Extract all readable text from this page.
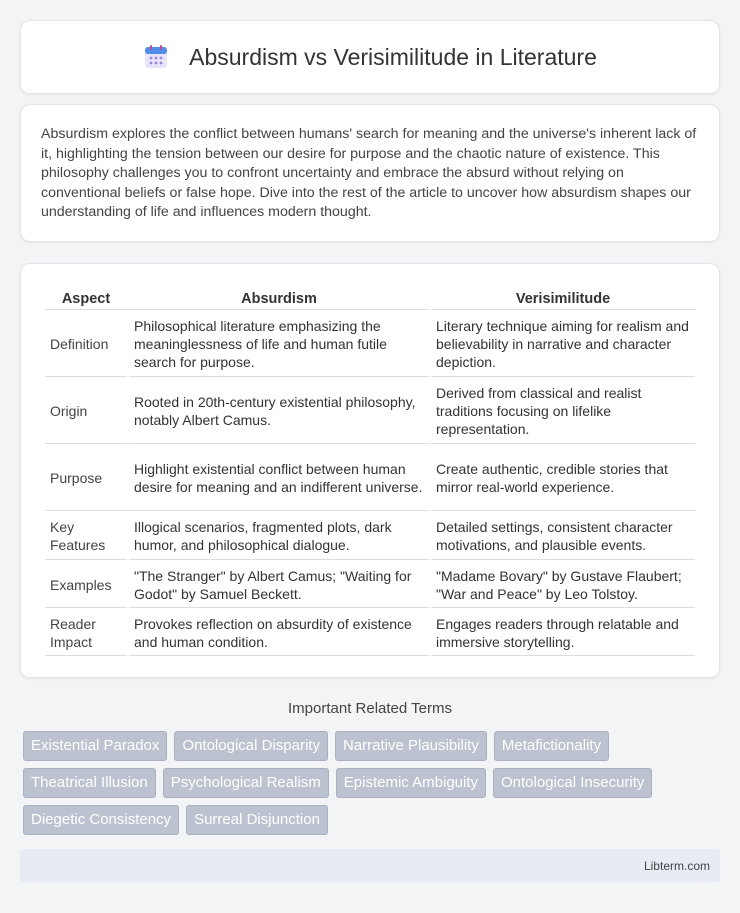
Absurdism vs Verisimilitude in Literature

Absurdism explores the conflict between humans' search for meaning and the universe's inherent lack of it, highlighting the tension between our desire for purpose and the chaotic nature of existence. This philosophy challenges you to confront uncertainty and embrace the absurd without relying on conventional beliefs or false hope. Dive into the rest of the article to uncover how absurdism shapes our understanding of life and influences modern thought.

Aspect	Absurdism	Verisimilitude
Definition	Philosophical literature emphasizing the meaninglessness of life and human futile search for purpose.	Literary technique aiming for realism and believability in narrative and character depiction.
Origin	Rooted in 20th-century existential philosophy, notably Albert Camus.	Derived from classical and realist traditions focusing on lifelike representation.
Purpose	Highlight existential conflict between human desire for meaning and an indifferent universe.	Create authentic, credible stories that mirror real-world experience.
Key Features	Illogical scenarios, fragmented plots, dark humor, and philosophical dialogue.	Detailed settings, consistent character motivations, and plausible events.
Examples	"The Stranger" by Albert Camus; "Waiting for Godot" by Samuel Beckett.	"Madame Bovary" by Gustave Flaubert; "War and Peace" by Leo Tolstoy.
Reader Impact	Provokes reflection on absurdity of existence and human condition.	Engages readers through relatable and immersive storytelling.
Important Related Terms
Existential Paradox	Ontological Disparity	Narrative Plausibility	Metafictionality
Theatrical Illusion	Psychological Realism	Epistemic Ambiguity	Ontological Insecurity
Diegetic Consistency	Surreal Disjunction
Libterm.com
